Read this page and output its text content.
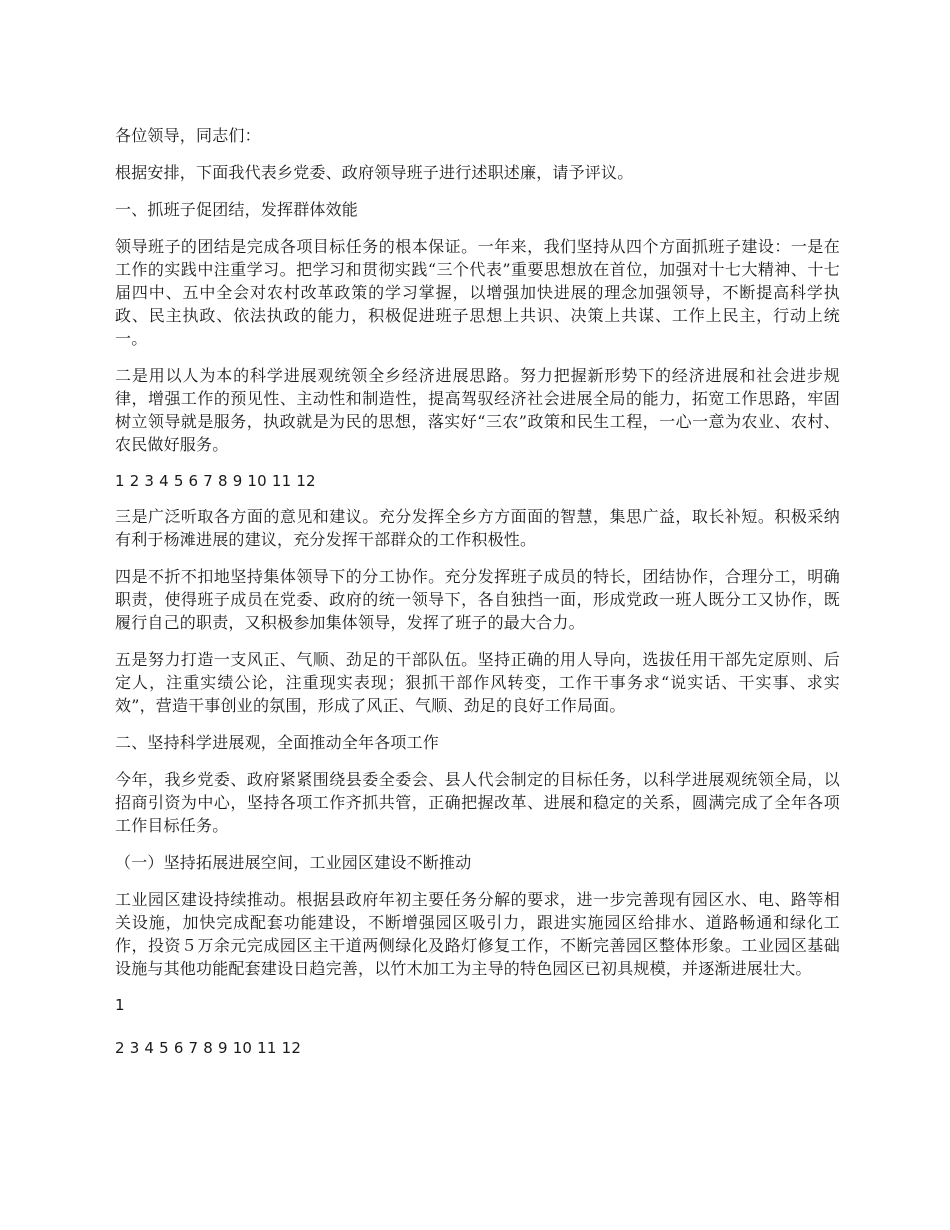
各位领导，同志们：

根据安排，下面我代表乡党委、政府领导班子进行述职述廉，请予评议。

一、抓班子促团结，发挥群体效能

领导班子的团结是完成各项目标任务的根本保证。一年来，我们坚持从四个方面抓班子建设：一是在工作的实践中注重学习。把学习和贯彻实践“三个代表”重要思想放在首位，加强对十七大精神、十七届四中、五中全会对农村改革政策的学习掌握，以增强加快进展的理念加强领导，不断提高科学执政、民主执政、依法执政的能力，积极促进班子思想上共识、决策上共谋、工作上民主，行动上统一。

二是用以人为本的科学进展观统领全乡经济进展思路。努力把握新形势下的经济进展和社会进步规律，增强工作的预见性、主动性和制造性，提高驾驭经济社会进展全局的能力，拓宽工作思路，牢固树立领导就是服务，执政就是为民的思想，落实好“三农”政策和民生工程，一心一意为农业、农村、农民做好服务。

1 2 3 4 5 6 7 8 9 10 11 12

三是广泛听取各方面的意见和建议。充分发挥全乡方方面面的智慧，集思广益，取长补短。积极采纳有利于杨滩进展的建议，充分发挥干部群众的工作积极性。

四是不折不扣地坚持集体领导下的分工协作。充分发挥班子成员的特长，团结协作，合理分工，明确职责，使得班子成员在党委、政府的统一领导下，各自独挡一面，形成党政一班人既分工又协作，既履行自己的职责，又积极参加集体领导，发挥了班子的最大合力。

五是努力打造一支风正、气顺、劲足的干部队伍。坚持正确的用人导向，选拔任用干部先定原则、后定人，注重实绩公论，注重现实表现；狠抓干部作风转变，工作干事务求“说实话、干实事、求实效”，营造干事创业的氛围，形成了风正、气顺、劲足的良好工作局面。

二、坚持科学进展观，全面推动全年各项工作

今年，我乡党委、政府紧紧围绕县委全委会、县人代会制定的目标任务，以科学进展观统领全局，以招商引资为中心，坚持各项工作齐抓共管，正确把握改革、进展和稳定的关系，圆满完成了全年各项工作目标任务。

（一）坚持拓展进展空间，工业园区建设不断推动

工业园区建设持续推动。根据县政府年初主要任务分解的要求，进一步完善现有园区水、电、路等相关设施，加快完成配套功能建设，不断增强园区吸引力，跟进实施园区给排水、道路畅通和绿化工作，投资５万余元完成园区主干道两侧绿化及路灯修复工作，不断完善园区整体形象。工业园区基础设施与其他功能配套建设日趋完善，以竹木加工为主导的特色园区已初具规模，并逐渐进展壮大。

1

2 3 4 5 6 7 8 9 10 11 12
